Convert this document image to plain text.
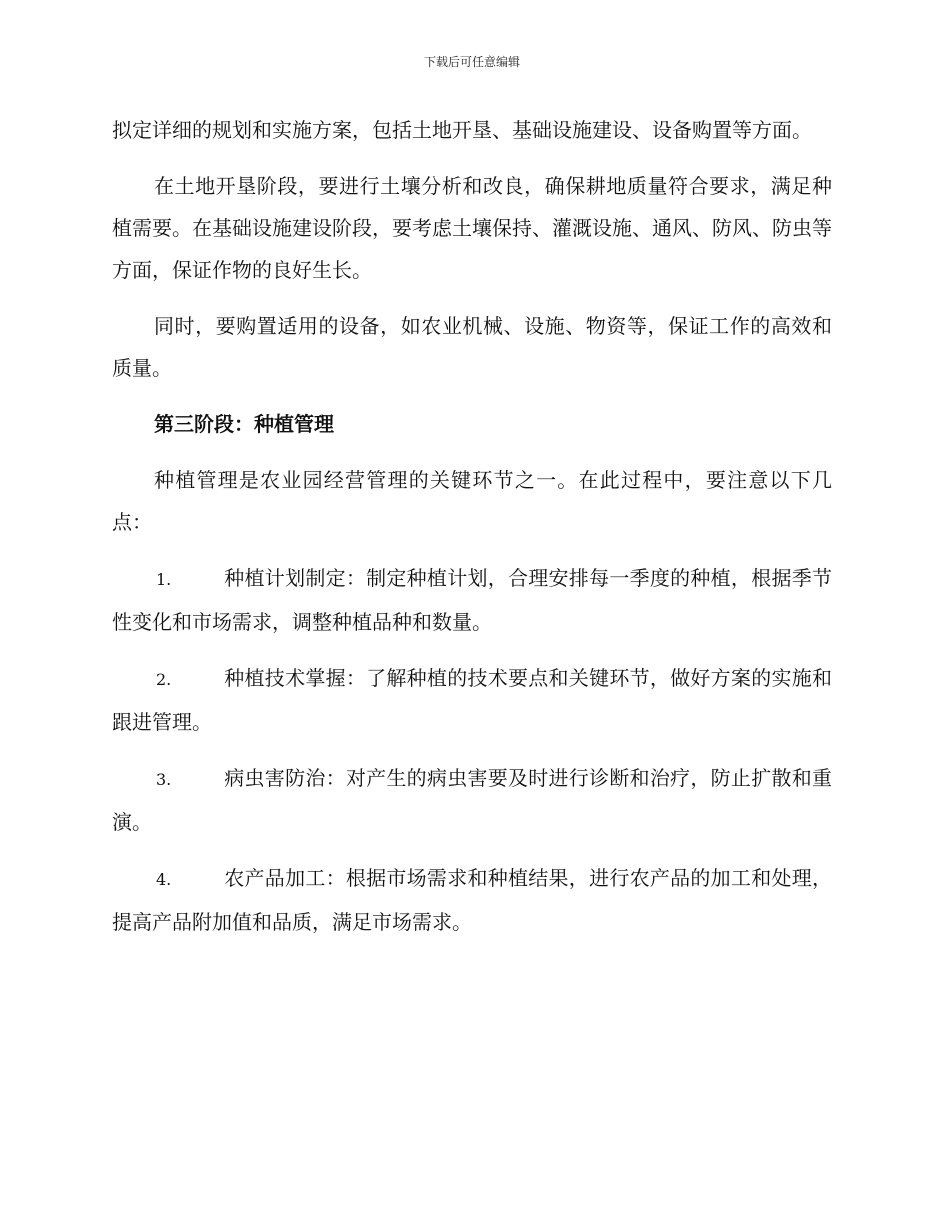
下载后可任意编辑

拟定详细的规划和实施方案，包括土地开垦、基础设施建设、设备购置等方面。

在土地开垦阶段，要进行土壤分析和改良，确保耕地质量符合要求，满足种植需要。在基础设施建设阶段，要考虑土壤保持、灌溉设施、通风、防风、防虫等方面，保证作物的良好生长。

同时，要购置适用的设备，如农业机械、设施、物资等，保证工作的高效和质量。

第三阶段：种植管理

种植管理是农业园经营管理的关键环节之一。在此过程中，要注意以下几点：

1.	种植计划制定：制定种植计划，合理安排每一季度的种植，根据季节性变化和市场需求，调整种植品种和数量。

2.	种植技术掌握：了解种植的技术要点和关键环节，做好方案的实施和跟进管理。

3.	病虫害防治：对产生的病虫害要及时进行诊断和治疗，防止扩散和重演。

4.	农产品加工：根据市场需求和种植结果，进行农产品的加工和处理，提高产品附加值和品质，满足市场需求。
